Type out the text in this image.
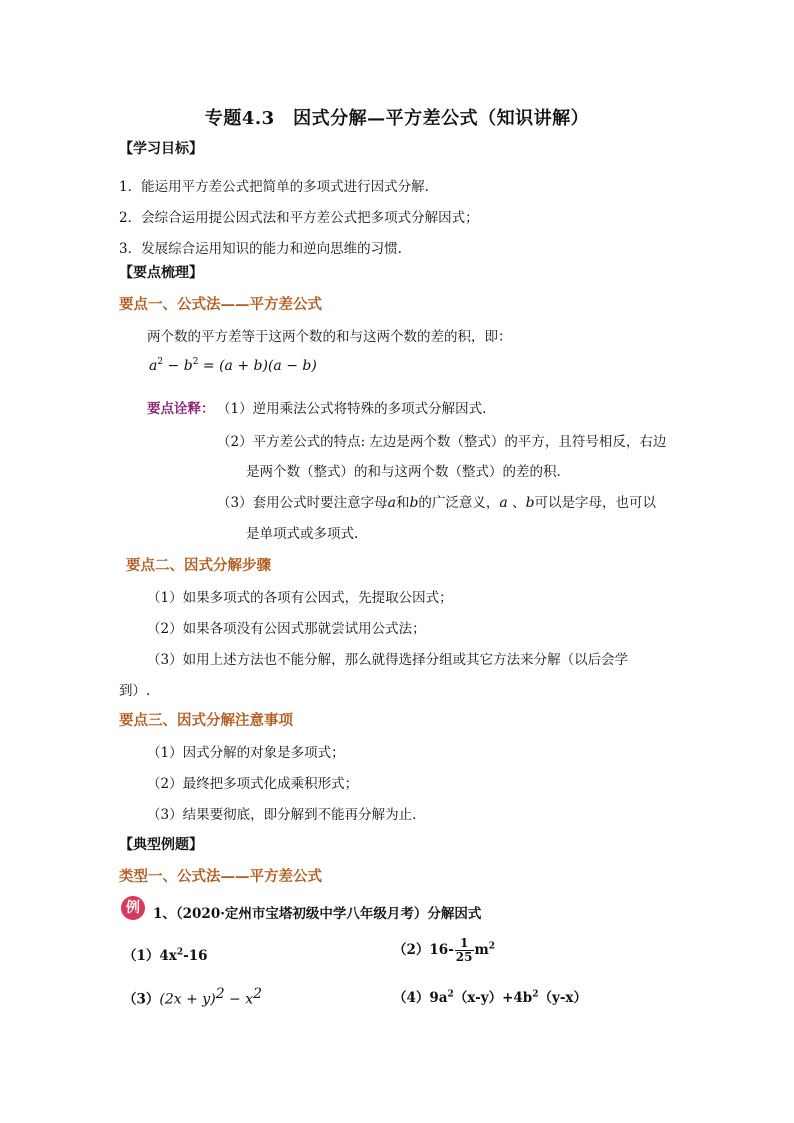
专题4.3　因式分解—平方差公式（知识讲解）
【学习目标】
1．能运用平方差公式把简单的多项式进行因式分解.
2．会综合运用提公因式法和平方差公式把多项式分解因式；
3．发展综合运用知识的能力和逆向思维的习惯.
【要点梳理】
要点一、公式法——平方差公式
两个数的平方差等于这两个数的和与这两个数的差的积，即：
$a^2 - b^2 = (a + b)(a - b)$
要点诠释： （1）逆用乘法公式将特殊的多项式分解因式.
（2）平方差公式的特点: 左边是两个数（整式）的平方，且符号相反，右边
是两个数（整式）的和与这两个数（整式）的差的积.
（3）套用公式时要注意字母a和b的广泛意义，a 、b可以是字母，也可以
是单项式或多项式.
要点二、因式分解步骤
（1）如果多项式的各项有公因式，先提取公因式；
（2）如果各项没有公因式那就尝试用公式法；
（3）如用上述方法也不能分解，那么就得选择分组或其它方法来分解（以后会学
到）.
要点三、因式分解注意事项
（1）因式分解的对象是多项式；
（2）最终把多项式化成乘积形式；
（3）结果要彻底，即分解到不能再分解为止.
【典型例题】
类型一、公式法——平方差公式
例 1、（2020·定州市宝塔初级中学八年级月考）分解因式
$(1)4x^2-16$	$(2)16- \frac{1}{25} m^2$
$(3)(2x + y)^2 - x^2$	$(4)9a^2(x-y)+4b^2(y-x)$
